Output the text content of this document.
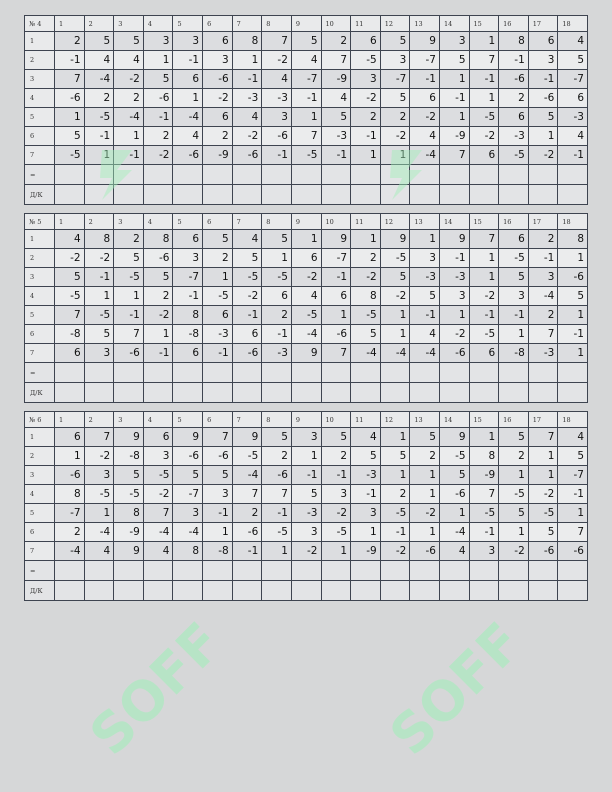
№ 4	1	2	3	4	5	6	7	8	9	10	11	12	13	14	15	16	17	18
1	2	5	5	3	3	6	8	7	5	2	6	5	9	3	1	8	6	4
2	-1	4	4	1	-1	3	1	-2	4	7	-5	3	-7	5	7	-1	3	5
3	7	-4	-2	5	6	-6	-1	4	-7	-9	3	-7	-1	1	-1	-6	-1	-7
4	-6	2	2	-6	1	-2	-3	-3	-1	4	-2	5	6	-1	1	2	-6	6
5	1	-5	-4	-1	-4	6	4	3	1	5	2	2	-2	1	-5	6	5	-3
6	5	-1	1	2	4	2	-2	-6	7	-3	-1	-2	4	-9	-2	-3	1	4
7	-5	1	-1	-2	-6	-9	-6	-1	-5	-1	1	1	-4	7	6	-5	-2	-1
=																		
Д/К																		
№ 5	1	2	3	4	5	6	7	8	9	10	11	12	13	14	15	16	17	18
1	4	8	2	8	6	5	4	5	1	9	1	9	1	9	7	6	2	8
2	-2	-2	5	-6	3	2	5	1	6	-7	2	-5	3	-1	1	-5	-1	1
3	5	-1	-5	5	-7	1	-5	-5	-2	-1	-2	5	-3	-3	1	5	3	-6
4	-5	1	1	2	-1	-5	-2	6	4	6	8	-2	5	3	-2	3	-4	5
5	7	-5	-1	-2	8	6	-1	2	-5	1	-5	1	-1	1	-1	-1	2	1
6	-8	5	7	1	-8	-3	6	-1	-4	-6	5	1	4	-2	-5	1	7	-1
7	6	3	-6	-1	6	-1	-6	-3	9	7	-4	-4	-4	-6	6	-8	-3	1
=																		
Д/К																		
№ 6	1	2	3	4	5	6	7	8	9	10	11	12	13	14	15	16	17	18
1	6	7	9	6	9	7	9	5	3	5	4	1	5	9	1	5	7	4
2	1	-2	-8	3	-6	-6	-5	2	1	2	5	5	2	-5	8	2	1	5
3	-6	3	5	-5	5	5	-4	-6	-1	-1	-3	1	1	5	-9	1	1	-7
4	8	-5	-5	-2	-7	3	7	7	5	3	-1	2	1	-6	7	-5	-2	-1
5	-7	1	8	7	3	-1	2	-1	-3	-2	3	-5	-2	1	-5	5	-5	1
6	2	-4	-9	-4	-4	1	-6	-5	3	-5	1	-1	1	-4	-1	1	5	7
7	-4	4	9	4	8	-8	-1	1	-2	1	-9	-2	-6	4	3	-2	-6	-6
=																		
Д/К																		
SOFF	SOFF
